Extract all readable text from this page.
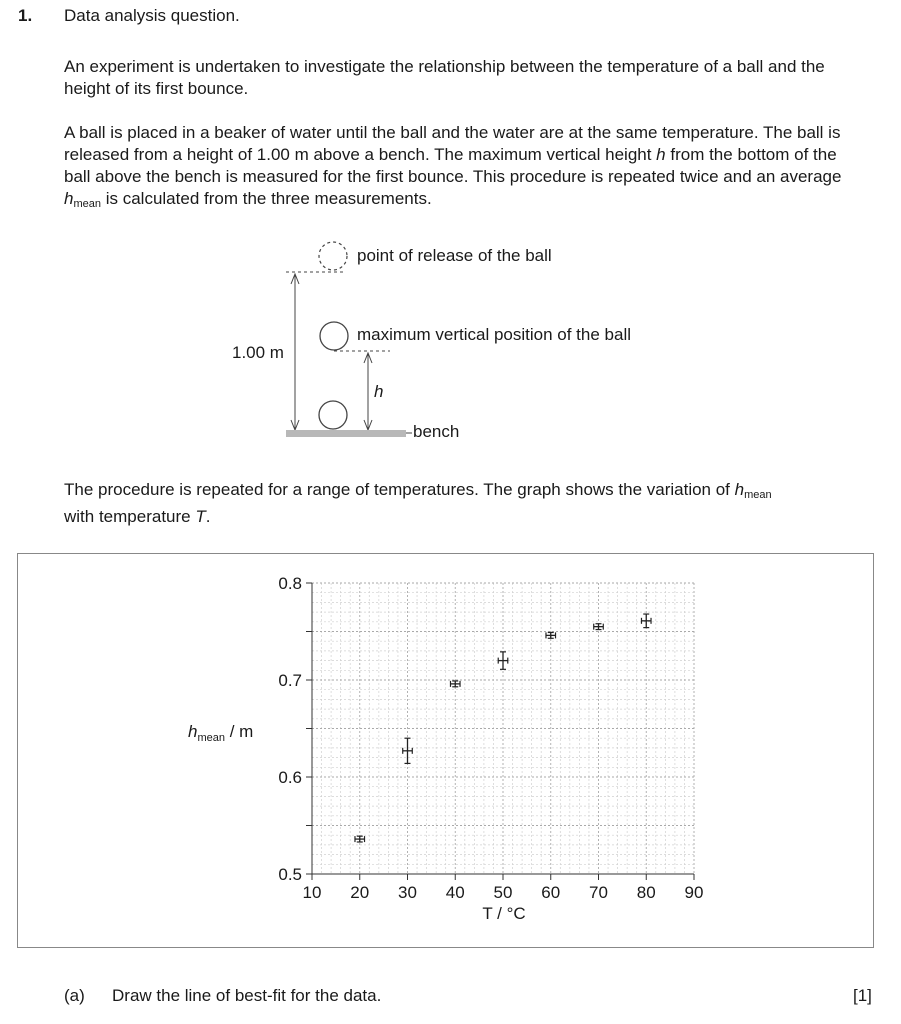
1. Data analysis question.

An experiment is undertaken to investigate the relationship between the temperature of a ball and the height of its first bounce.

A ball is placed in a beaker of water until the ball and the water are at the same temperature. The ball is released from a height of 1.00 m above a bench. The maximum vertical height h from the bottom of the ball above the bench is measured for the first bounce. This procedure is repeated twice and an average $h_{mean}$ is calculated from the three measurements.

point of release of the ball
maximum vertical position of the ball
1.00 m
h
bench

The procedure is repeated for a range of temperatures. The graph shows the variation of $h_{mean}$ with temperature T.

$h_{mean}$ / m
T / °C
10 20 30 40 50 60 70 80 90
0.5
0.6
0.7
0.8
(a) Draw the line of best-fit for the data.	[1]
